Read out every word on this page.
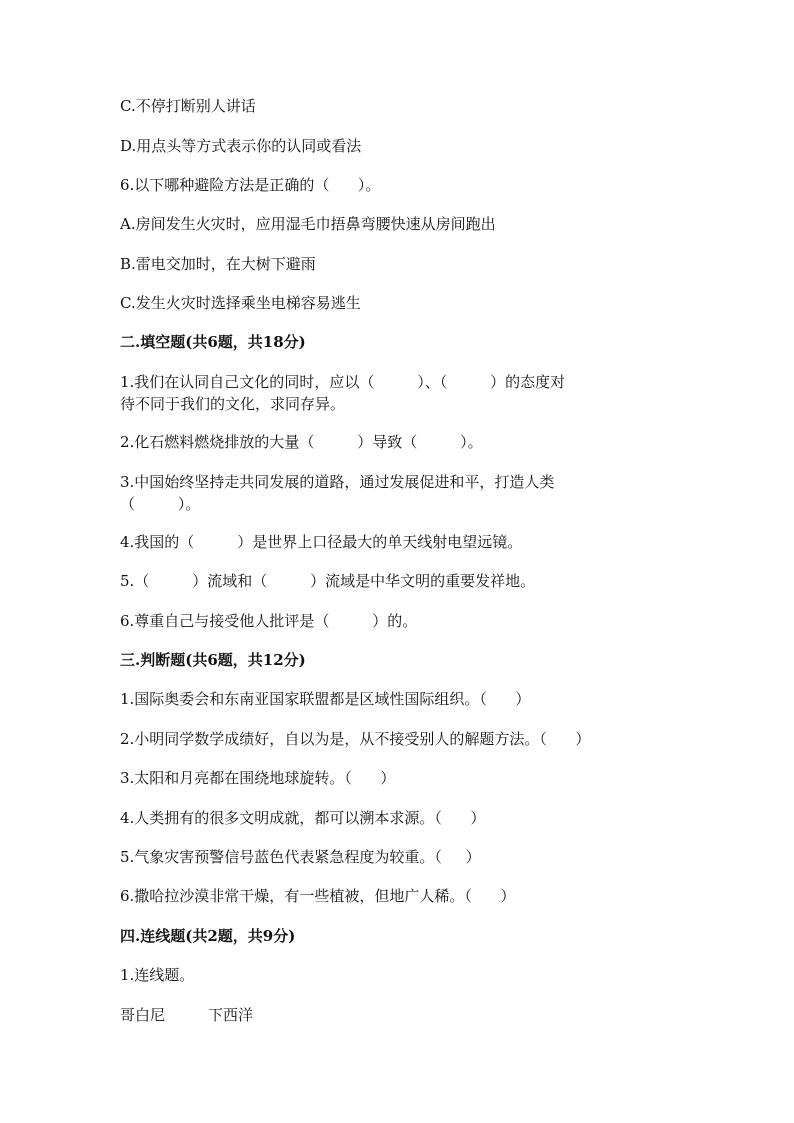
C.不停打断别人讲话
D.用点头等方式表示你的认同或看法
6.以下哪种避险方法是正确的（      ）。
A.房间发生火灾时，应用湿毛巾捂鼻弯腰快速从房间跑出
B.雷电交加时，在大树下避雨
C.发生火灾时选择乘坐电梯容易逃生
二.填空题(共6题，共18分)
1.我们在认同自己文化的同时，应以（         ）、（         ）的态度对
待不同于我们的文化，求同存异。
2.化石燃料燃烧排放的大量（         ）导致（         ）。
3.中国始终坚持走共同发展的道路，通过发展促进和平，打造人类
（         ）。
4.我国的（         ）是世界上口径最大的单天线射电望远镜。
5.（         ）流域和（         ）流域是中华文明的重要发祥地。
6.尊重自己与接受他人批评是（         ）的。
三.判断题(共6题，共12分)
1.国际奥委会和东南亚国家联盟都是区域性国际组织。（      ）
2.小明同学数学成绩好，自以为是，从不接受别人的解题方法。（      ）
3.太阳和月亮都在围绕地球旋转。（      ）
4.人类拥有的很多文明成就，都可以溯本求源。（      ）
5.气象灾害预警信号蓝色代表紧急程度为较重。（     ）
6.撒哈拉沙漠非常干燥，有一些植被，但地广人稀。（      ）
四.连线题(共2题，共9分)
1.连线题。
哥白尼	下西洋
